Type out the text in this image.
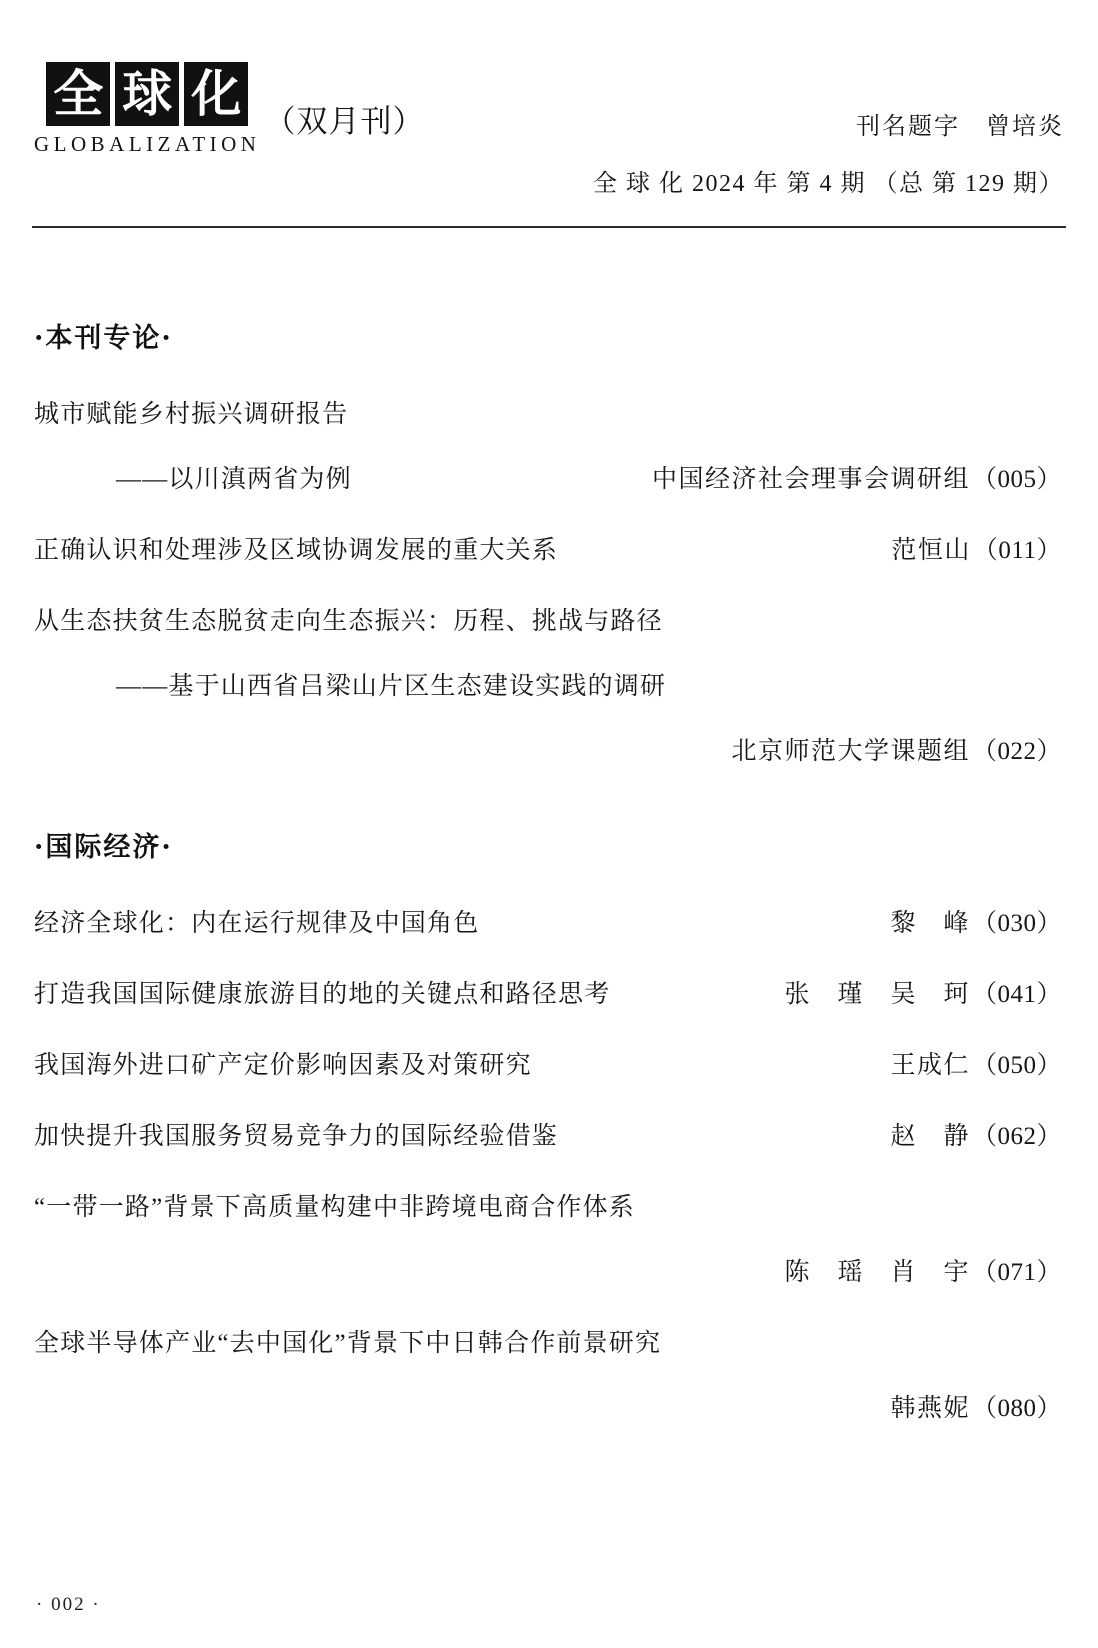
全 球 化
GLOBALIZATION
（双月刊）	刊名题字　曾培炎
全 球 化 2024 年 第 4 期 （总 第 129 期）
·本刊专论·
城市赋能乡村振兴调研报告
——以川滇两省为例	中国经济社会理事会调研组 （005）
正确认识和处理涉及区域协调发展的重大关系	范恒山 （011）
从生态扶贫生态脱贫走向生态振兴：历程、挑战与路径
——基于山西省吕梁山片区生态建设实践的调研
北京师范大学课题组 （022）
·国际经济·
经济全球化：内在运行规律及中国角色	黎　峰 （030）
打造我国国际健康旅游目的地的关键点和路径思考	张　瑾　吴　珂 （041）
我国海外进口矿产定价影响因素及对策研究	王成仁 （050）
加快提升我国服务贸易竞争力的国际经验借鉴	赵　静 （062）
“一带一路”背景下高质量构建中非跨境电商合作体系
陈　瑶　肖　宇 （071）
全球半导体产业“去中国化”背景下中日韩合作前景研究
韩燕妮 （080）
· 002 ·
